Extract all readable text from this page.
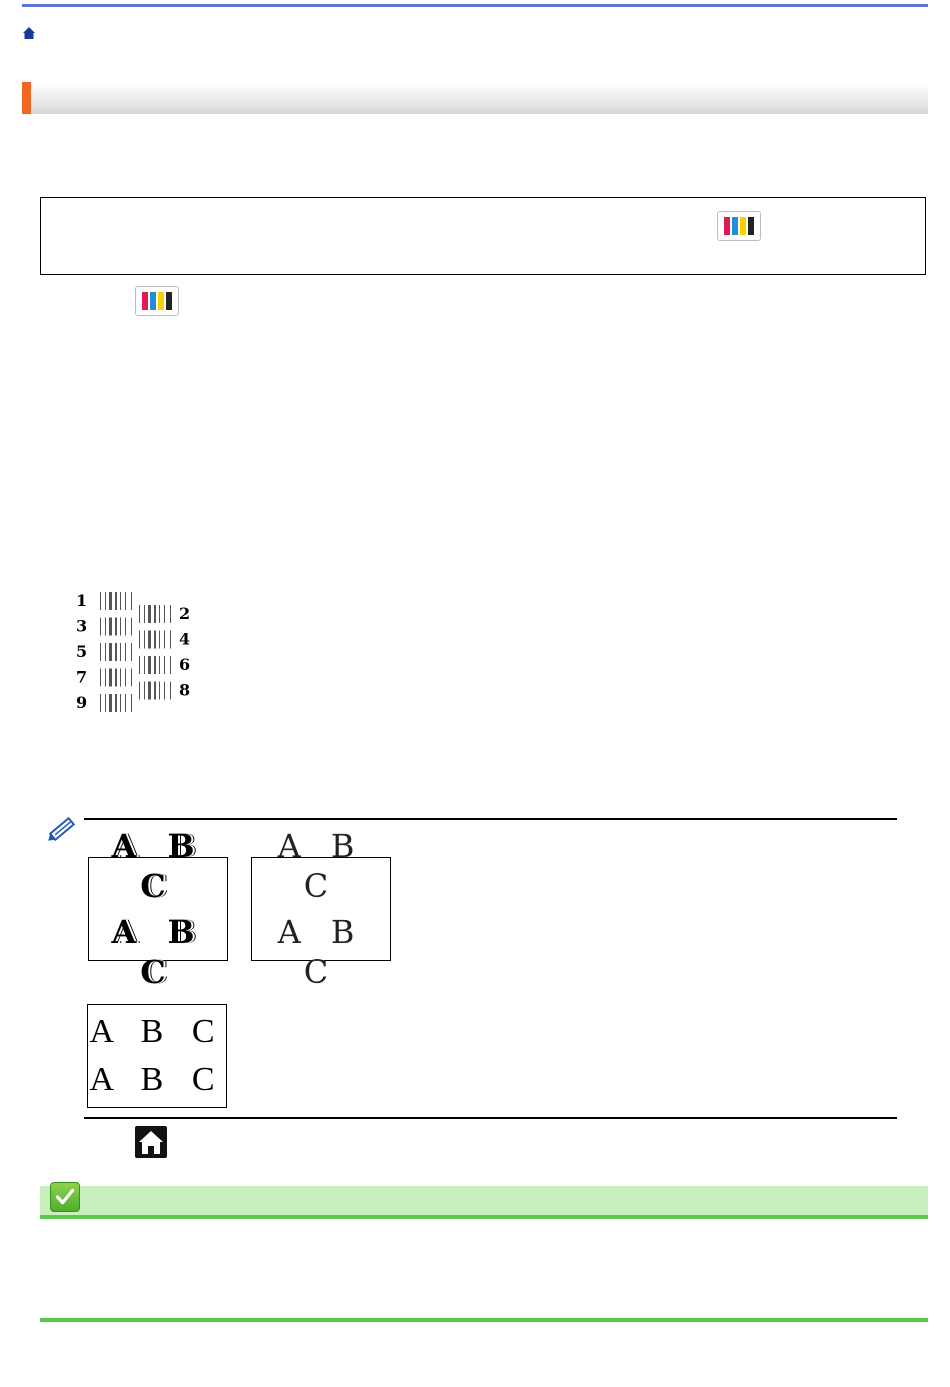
1
3
5
7
9
2
4
6
8
A B C
A B C
A B C
A B C
A B C
A B C
